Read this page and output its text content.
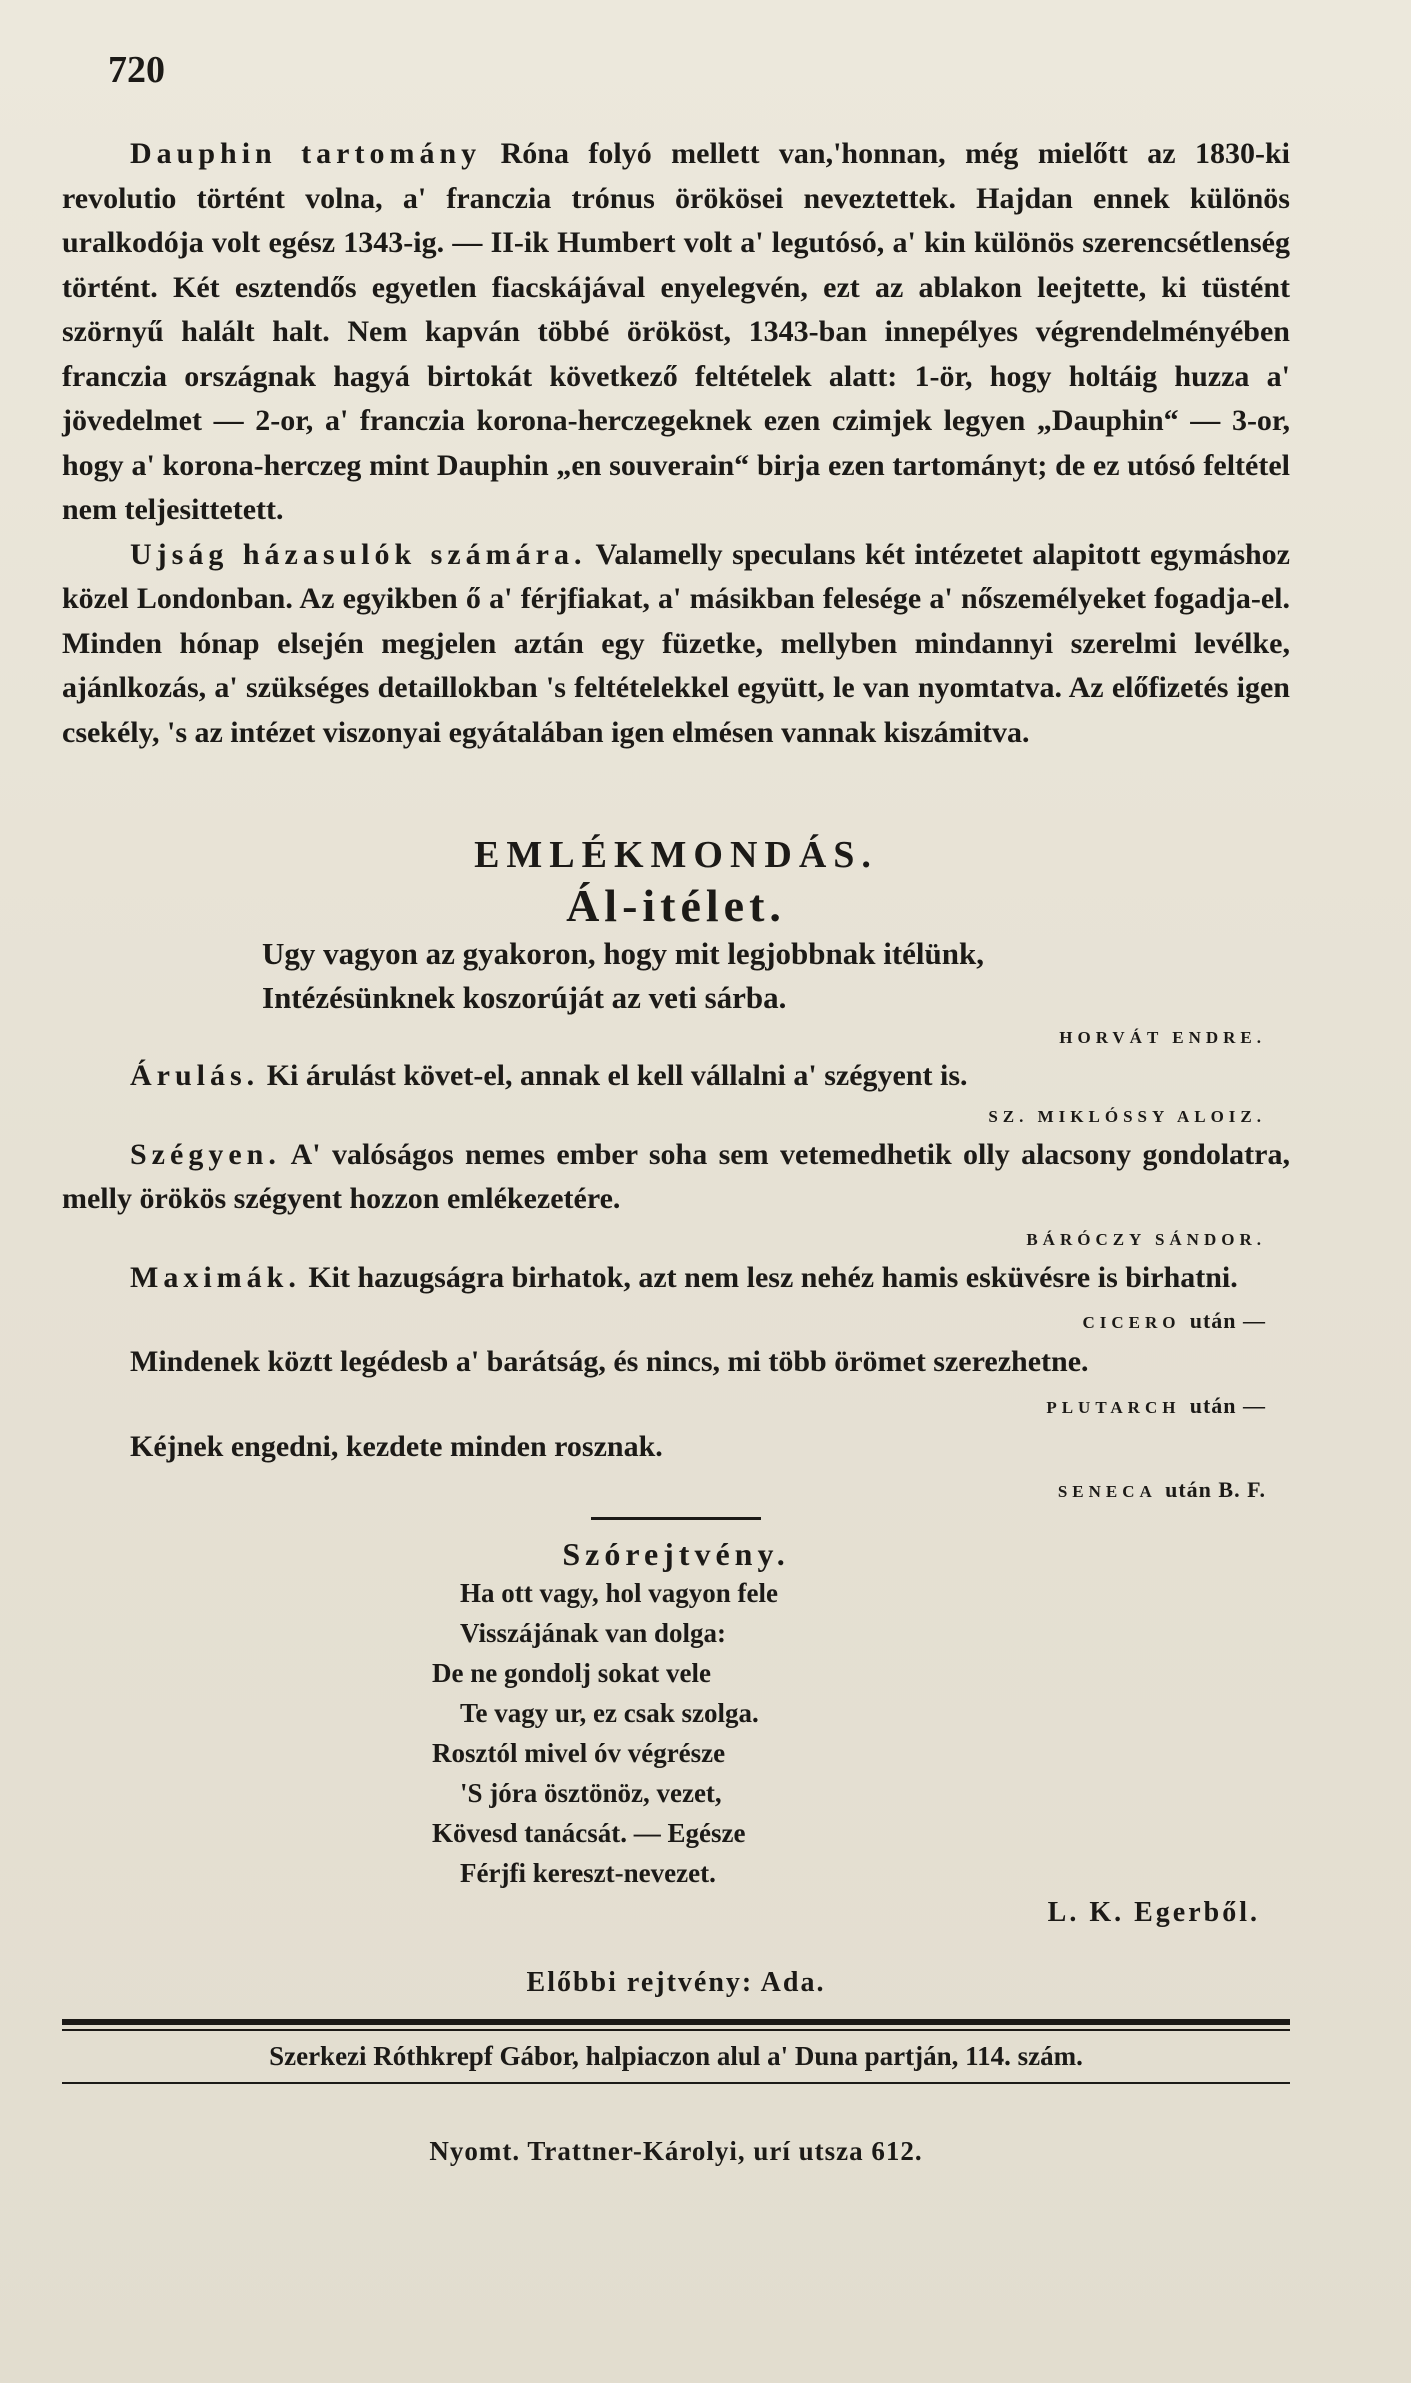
720

Dauphin tartomány Róna folyó mellett van,'honnan, még mielőtt az 1830-ki revolutio történt volna, a' franczia trónus örökösei neveztettek. Hajdan ennek különös uralkodója volt egész 1343-ig. — II-ik Humbert volt a' legutósó, a' kin különös szerencsétlenség történt. Két esztendős egyetlen fiacskájával enyelegvén, ezt az ablakon leejtette, ki tüstént szörnyű halált halt. Nem kapván többé örököst, 1343-ban innepélyes végrendelményében franczia országnak hagyá birtokát következő feltételek alatt: 1-ör, hogy holtáig huzza a' jövedelmet — 2-or, a' franczia korona-herczegeknek ezen czimjek legyen „Dauphin“ — 3-or, hogy a' korona-herczeg mint Dauphin „en souverain“ birja ezen tartományt; de ez utósó feltétel nem teljesittetett.

Ujság házasulók számára. Valamelly speculans két intézetet alapitott egymáshoz közel Londonban. Az egyikben ő a' férjfiakat, a' másikban felesége a' nőszemélyeket fogadja-el. Minden hónap elsején megjelen aztán egy füzetke, mellyben mindannyi szerelmi levélke, ajánlkozás, a' szükséges detaillokban 's feltételekkel együtt, le van nyomtatva. Az előfizetés igen csekély, 's az intézet viszonyai egyátalában igen elmésen vannak kiszámitva.

EMLÉKMONDÁS.
Ál-itélet.
Ugy vagyon az gyakoron, hogy mit legjobbnak itélünk,
Intézésünknek koszorúját az veti sárba.
HORVÁT ENDRE.

Árulás. Ki árulást követ-el, annak el kell vállalni a' szégyent is.

SZ. MIKLÓSSY ALOIZ.

Szégyen. A' valóságos nemes ember soha sem vetemedhetik olly alacsony gondolatra, melly örökös szégyent hozzon emlékezetére.

BÁRÓCZY SÁNDOR.

Maximák. Kit hazugságra birhatok, azt nem lesz nehéz hamis esküvésre is birhatni.

CICERO után —

Mindenek köztt legédesb a' barátság, és nincs, mi több örömet szerezhetne.

PLUTARCH után —

Kéjnek engedni, kezdete minden rosznak.

SENECA után B. F.
Szórejtvény.
Ha ott vagy, hol vagyon fele
Visszájának van dolga:
De ne gondolj sokat vele
Te vagy ur, ez csak szolga.
Rosztól mivel óv végrésze
'S jóra ösztönöz, vezet,
Kövesd tanácsát. — Egésze
Férjfi kereszt-nevezet.
L. K. Egerből.
Előbbi rejtvény: Ada.
Szerkezi Róthkrepf Gábor, halpiaczon alul a' Duna partján, 114. szám.
Nyomt. Trattner-Károlyi, urí utsza 612.
